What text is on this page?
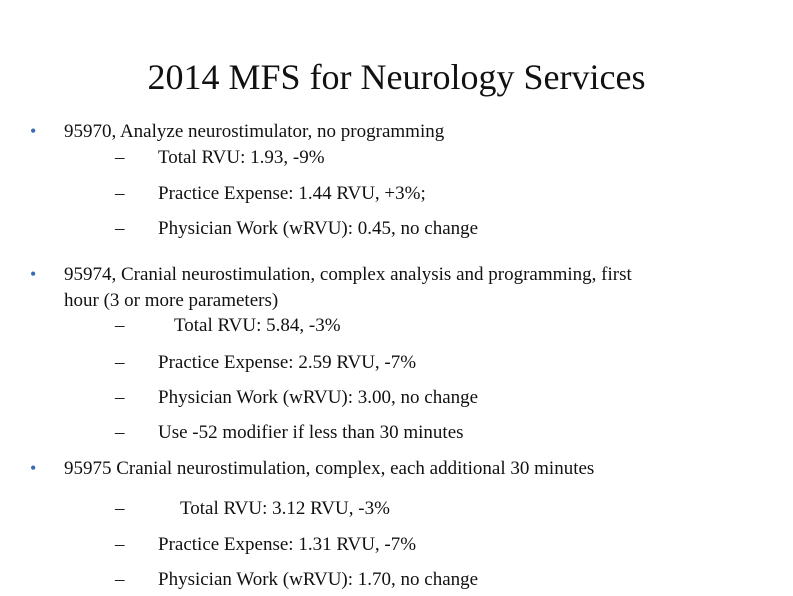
2014 MFS for Neurology Services
• 95970, Analyze neurostimulator, no programming
– Total RVU: 1.93, -9%
– Practice Expense: 1.44 RVU, +3%;
– Physician Work (wRVU): 0.45, no change
• 95974, Cranial neurostimulation, complex analysis and programming, first
hour (3 or more parameters)
–	Total RVU: 5.84, -3%
– Practice Expense: 2.59 RVU, -7%
– Physician Work (wRVU): 3.00, no change
– Use -52 modifier if less than 30 minutes
• 95975 Cranial neurostimulation, complex, each additional 30 minutes
–	Total RVU: 3.12 RVU, -3%
– Practice Expense: 1.31 RVU, -7%
– Physician Work (wRVU): 1.70, no change
